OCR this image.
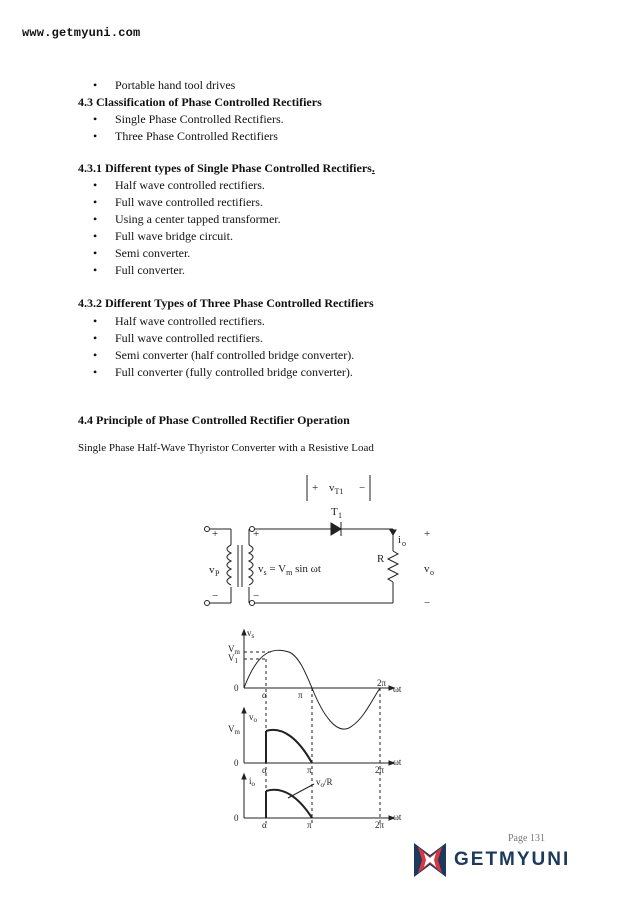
www.getmyuni.com
• Portable hand tool drives
4.3 Classification of Phase Controlled Rectifiers
• Single Phase Controlled Rectifiers.
• Three Phase Controlled Rectifiers
4.3.1 Different types of Single Phase Controlled Rectifiers.
• Half wave controlled rectifiers.
• Full wave controlled rectifiers.
• Using a center tapped transformer.
• Full wave bridge circuit.
• Semi converter.
• Full converter.
4.3.2 Different Types of Three Phase Controlled Rectifiers
• Half wave controlled rectifiers.
• Full wave controlled rectifiers.
• Semi converter (half controlled bridge converter).
• Full converter (fully controlled bridge converter).
4.4 Principle of Phase Controlled Rectifier Operation
Single Phase Half-Wave Thyristor Converter with a Resistive Load
+	−
$v_{T1}$
T 1
+
−
+
−
i o
R
v P	$v_s = V_m$ sin ωt
+
v o
−
$v_s$
$V_m$
$V_1$
0
α	π
2π
ωt
$v_o$
$V_m$
0
α	π	2π
ωt
$i_o$	$v_o/R$
0
α	π	2π
ωt
Page 131
GETMYUNI
